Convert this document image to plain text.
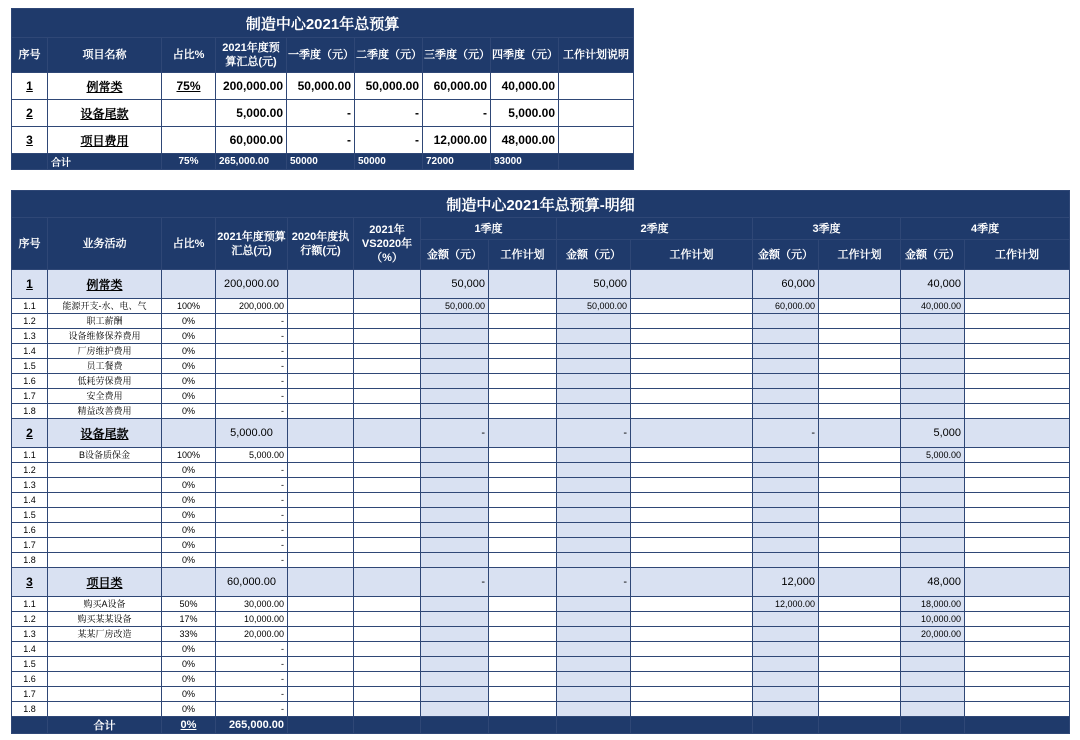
制造中心2021年总预算								
序号	项目名称	占比%	2021年度预算汇总(元)	一季度（元）	二季度（元）	三季度（元）	四季度（元）	工作计划说明
1	例常类	75%	200,000.00	50,000.00	50,000.00	60,000.00	40,000.00	
2	设备尾款		5,000.00	-	-	-	5,000.00	
3	项目费用		60,000.00	-	-	12,000.00	48,000.00	
	合计	75%	265,000.00	50000	50000	72000	93000	
制造中心2021年总预算-明细													
序号	业务活动	占比%	2021年度预算汇总(元)	2020年度执行额(元)	2021年VS2020年（%）	1季度		2季度		3季度		4季度	
						金额（元）	工作计划	金额（元）	工作计划	金额（元）	工作计划	金额（元）	工作计划
1	例常类		200,000.00			50,000		50,000		60,000		40,000	
1.1	能源开支-水、电、气	100%	200,000.00			50,000.00		50,000.00		60,000.00		40,000.00	
1.2	职工薪酬	0%	-										
1.3	设备维修保养费用	0%	-										
1.4	厂房维护费用	0%	-										
1.5	员工餐费	0%	-										
1.6	低耗劳保费用	0%	-										
1.7	安全费用	0%	-										
1.8	精益改善费用	0%	-										
2	设备尾款		5,000.00			-		-		-		5,000	
1.1	B设备质保金	100%	5,000.00									5,000.00	
1.2		0%	-										
1.3		0%	-										
1.4		0%	-										
1.5		0%	-										
1.6		0%	-										
1.7		0%	-										
1.8		0%	-										
3	项目类		60,000.00			-		-		12,000		48,000	
1.1	购买A设备	50%	30,000.00							12,000.00		18,000.00	
1.2	购买某某设备	17%	10,000.00									10,000.00	
1.3	某某厂房改造	33%	20,000.00									20,000.00	
1.4		0%	-										
1.5		0%	-										
1.6		0%	-										
1.7		0%	-										
1.8		0%	-										
	合计	0%	265,000.00										
